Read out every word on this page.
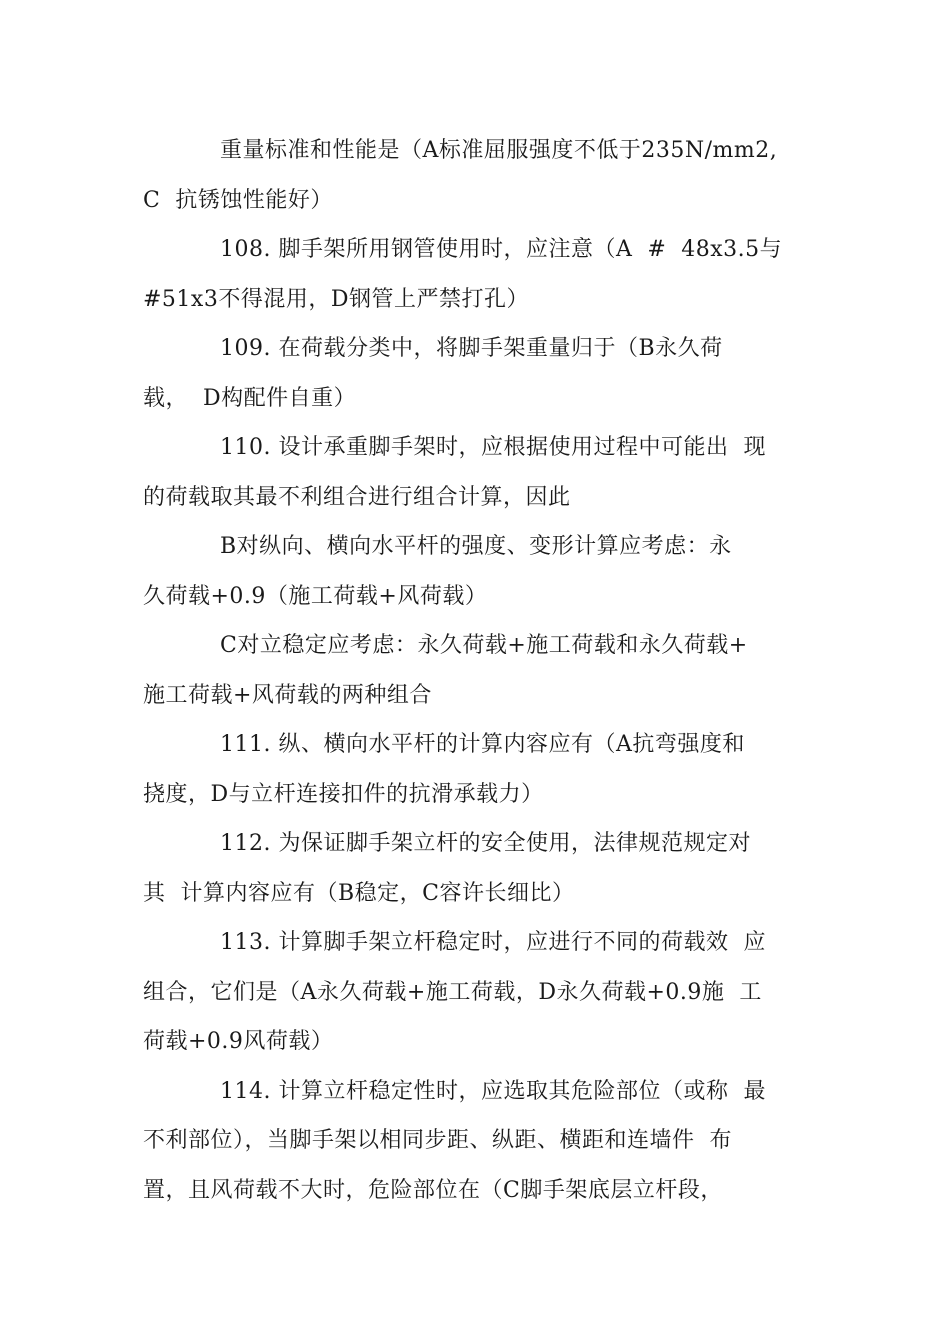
重量标准和性能是（A标准屈服强度不低于235N/mm2,
C  抗锈蚀性能好）

108. 脚手架所用钢管使用时，应注意（A  #  48x3.5与
#51x3不得混用，D钢管上严禁打孔）

109. 在荷载分类中，将脚手架重量归于（B永久荷
载，  D构配件自重）

110. 设计承重脚手架时，应根据使用过程中可能出  现
的荷载取其最不利组合进行组合计算，因此

B对纵向、横向水平杆的强度、变形计算应考虑：永
久荷载+0.9（施工荷载+风荷载）

C对立稳定应考虑：永久荷载+施工荷载和永久荷载+
施工荷载+风荷载的两种组合

111. 纵、横向水平杆的计算内容应有（A抗弯强度和
挠度，D与立杆连接扣件的抗滑承载力）

112. 为保证脚手架立杆的安全使用，法律规范规定对
其  计算内容应有（B稳定，C容许长细比）

113. 计算脚手架立杆稳定时，应进行不同的荷载效  应
组合，它们是（A永久荷载+施工荷载，D永久荷载+0.9施  工
荷载+0.9风荷载）

114. 计算立杆稳定性时，应选取其危险部位（或称  最
不利部位），当脚手架以相同步距、纵距、横距和连墙件  布
置，且风荷载不大时，危险部位在（C脚手架底层立杆段，
